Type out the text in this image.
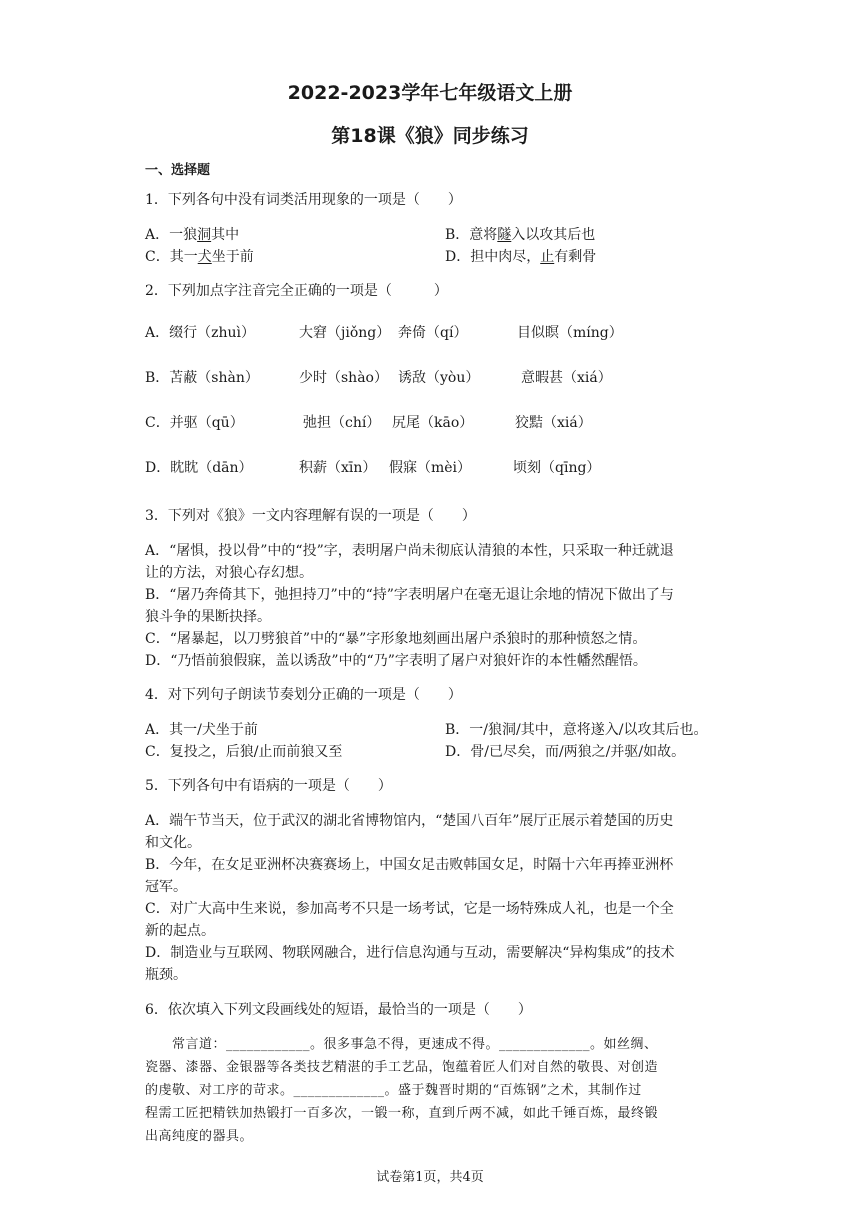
2022-2023学年七年级语文上册
第18课《狼》同步练习
一、选择题
1．下列各句中没有词类活用现象的一项是（　　）
A．一狼洞其中	B．意将隧入以攻其后也
C．其一犬坐于前	D．担中肉尽，止有剩骨
2．下列加点字注音完全正确的一项是（　　　）
A．缀行（zhuì）	大窘（jiǒng） 奔倚（qí）	目似瞑（míng）
B．苫蔽（shàn）	少时（shào） 诱敌（yòu）	意暇甚（xiá）
C．并驱（qū）	弛担（chí） 尻尾（kāo）	狡黠（xiá）
D．眈眈（dān）	积薪（xīn） 假寐（mèi）	顷刻（qīng）
3．下列对《狼》一文内容理解有误的一项是（　　）
A．“屠惧，投以骨”中的“投”字，表明屠户尚未彻底认清狼的本性，只采取一种迁就退
让的方法，对狼心存幻想。
B．“屠乃奔倚其下，弛担持刀”中的“持”字表明屠户在毫无退让余地的情况下做出了与
狼斗争的果断抉择。
C．“屠暴起，以刀劈狼首”中的“暴”字形象地刻画出屠户杀狼时的那种愤怒之情。
D．“乃悟前狼假寐，盖以诱敌”中的“乃”字表明了屠户对狼奸诈的本性幡然醒悟。
4．对下列句子朗读节奏划分正确的一项是（　　）
A．其一/犬坐于前	B．一/狼洞/其中，意将遂入/以攻其后也。
C．复投之，后狼/止而前狼又至	D．骨/已尽矣，而/两狼之/并驱/如故。
5．下列各句中有语病的一项是（　　）
A．端午节当天，位于武汉的湖北省博物馆内，“楚国八百年”展厅正展示着楚国的历史
和文化。
B．今年，在女足亚洲杯决赛赛场上，中国女足击败韩国女足，时隔十六年再捧亚洲杯
冠军。
C．对广大高中生来说，参加高考不只是一场考试，它是一场特殊成人礼，也是一个全
新的起点。
D．制造业与互联网、物联网融合，进行信息沟通与互动，需要解决“异构集成”的技术
瓶颈。
6．依次填入下列文段画线处的短语，最恰当的一项是（　　）
　　常言道：____________。很多事急不得，更速成不得。_____________。如丝绸、
瓷器、漆器、金银器等各类技艺精湛的手工艺品，饱蕴着匠人们对自然的敬畏、对创造
的虔敬、对工序的苛求。_____________。盛于魏晋时期的“百炼钢”之术，其制作过
程需工匠把精铁加热锻打一百多次，一锻一称，直到斤两不减，如此千锤百炼，最终锻
出高纯度的器具。
试卷第1页，共4页
